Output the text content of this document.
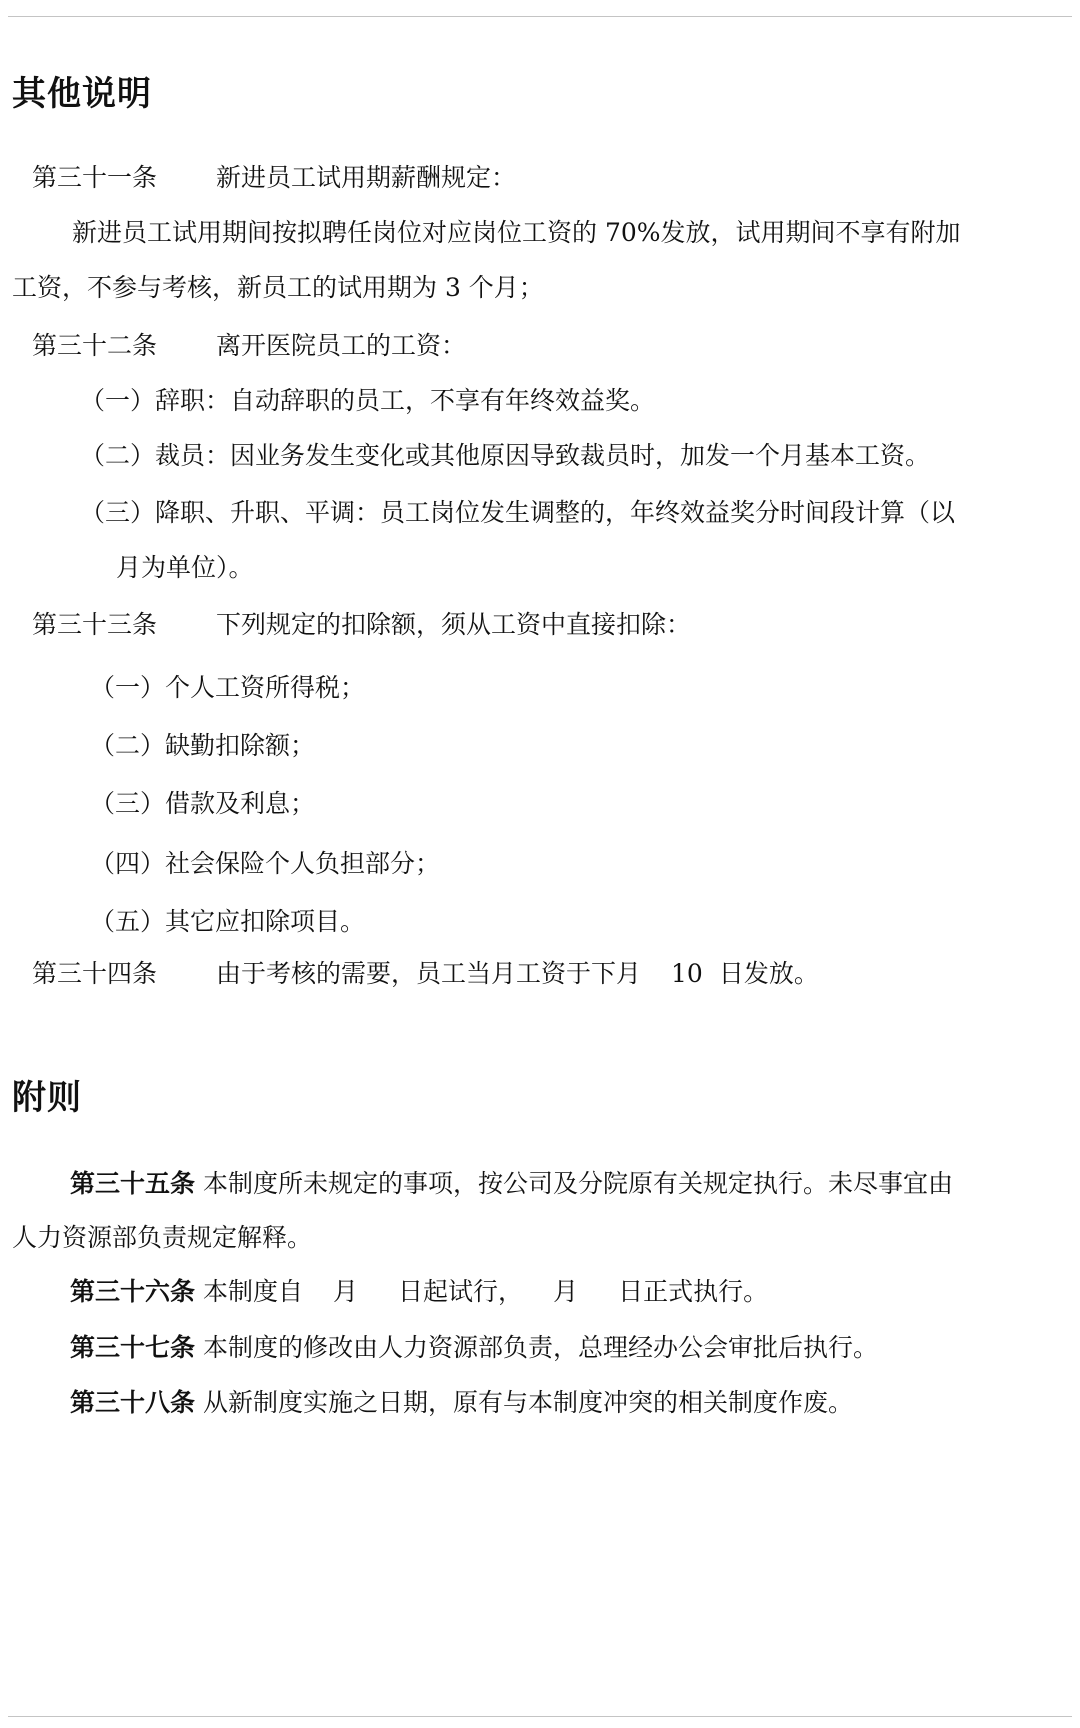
其他说明

第三十一条 新进员工试用期薪酬规定：

新进员工试用期间按拟聘任岗位对应岗位工资的 70%发放，试用期间不享有附加

工资，不参与考核，新员工的试用期为 3 个月；

第三十二条 离开医院员工的工资：

（一）辞职：自动辞职的员工，不享有年终效益奖。

（二）裁员：因业务发生变化或其他原因导致裁员时，加发一个月基本工资。

（三）降职、升职、平调：员工岗位发生调整的，年终效益奖分时间段计算（以

月为单位）。

第三十三条 下列规定的扣除额，须从工资中直接扣除：

（一）个人工资所得税；

（二）缺勤扣除额；

（三）借款及利息；

（四）社会保险个人负担部分；

（五）其它应扣除项目。

第三十四条 由于考核的需要，员工当月工资于下月 10 日发放。

附则

第三十五条 本制度所未规定的事项，按公司及分院原有关规定执行。未尽事宜由

人力资源部负责规定解释。

第三十六条 本制度自 月 日起试行， 月 日正式执行。

第三十七条 本制度的修改由人力资源部负责，总理经办公会审批后执行。

第三十八条 从新制度实施之日期，原有与本制度冲突的相关制度作废。
